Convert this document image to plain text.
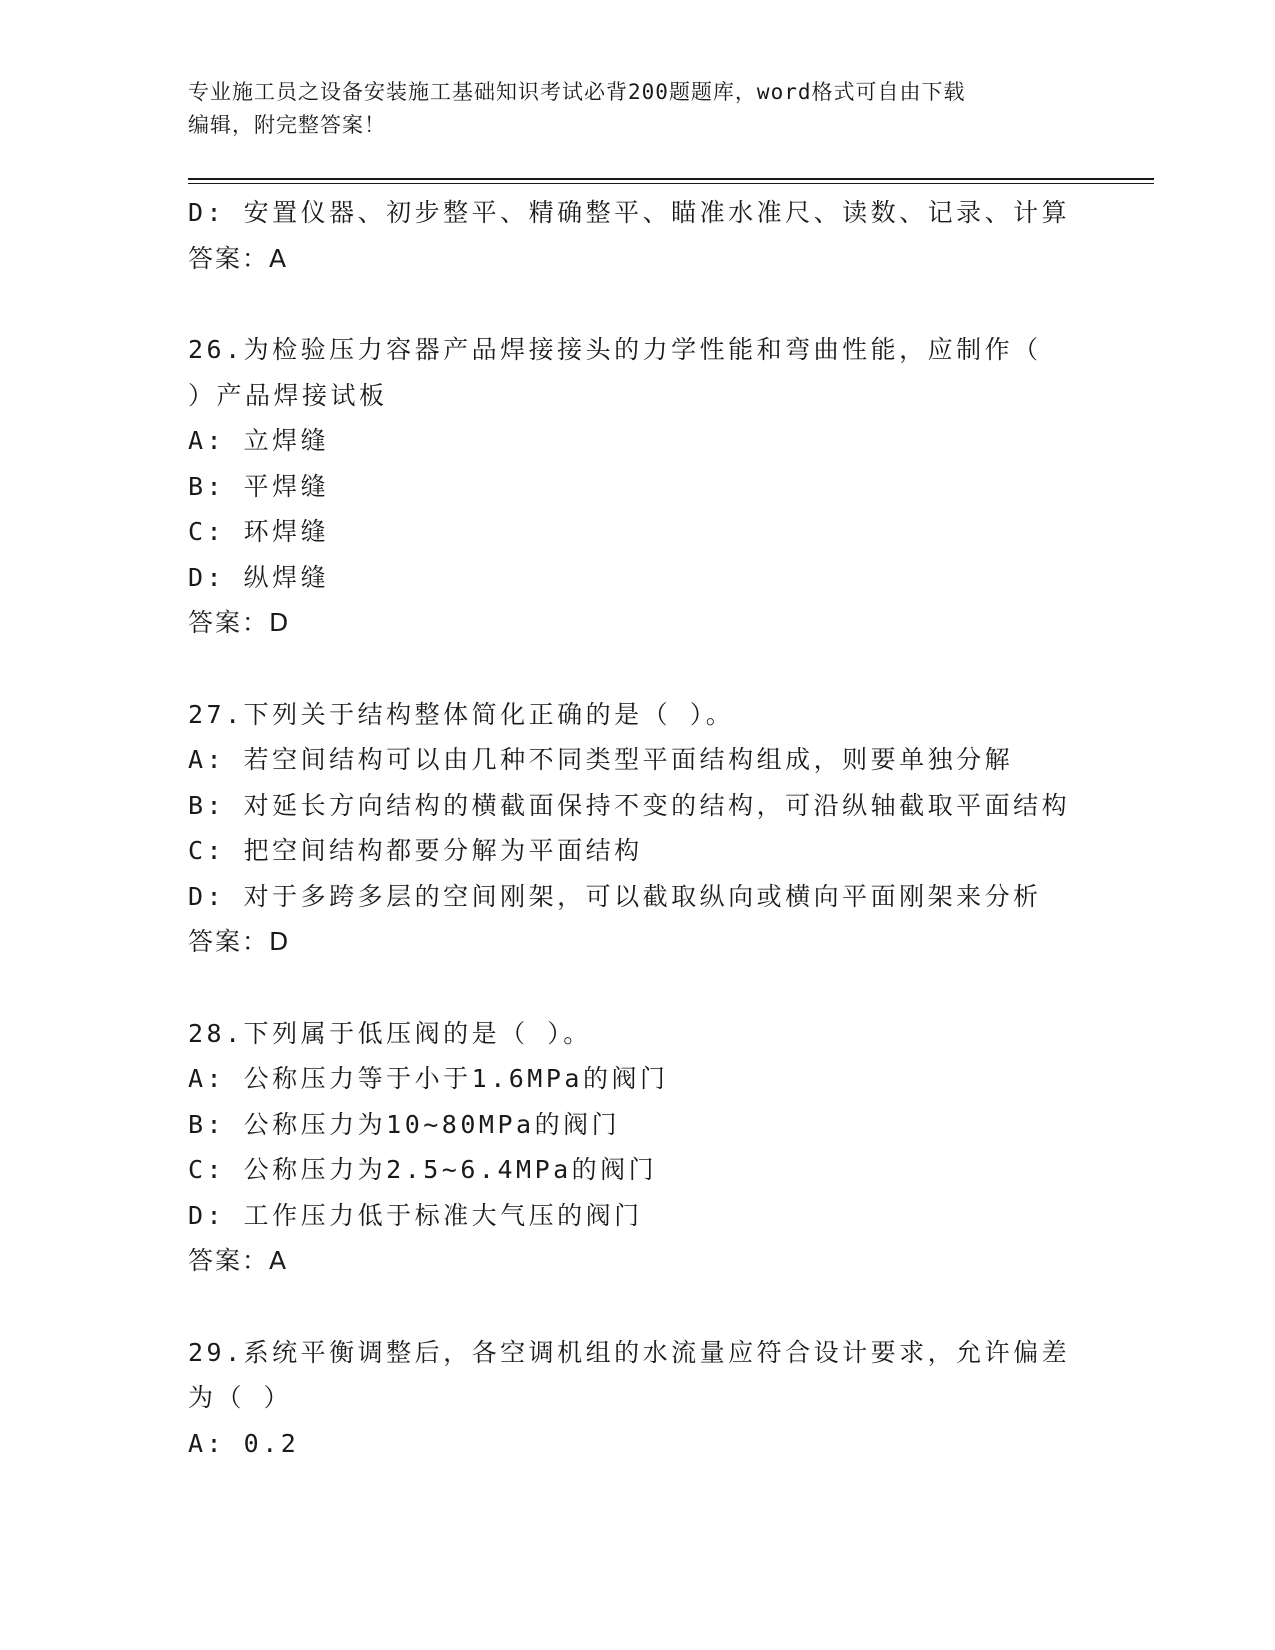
专业施工员之设备安装施工基础知识考试必背200题题库，word格式可自由下载
编辑，附完整答案！
D: 安置仪器、初步整平、精确整平、瞄准水准尺、读数、记录、计算
答案：A
26.为检验压力容器产品焊接接头的力学性能和弯曲性能，应制作（
）产品焊接试板
A: 立焊缝
B: 平焊缝
C: 环焊缝
D: 纵焊缝
答案：D
27.下列关于结构整体简化正确的是（ ）。
A: 若空间结构可以由几种不同类型平面结构组成，则要单独分解
B: 对延长方向结构的横截面保持不变的结构，可沿纵轴截取平面结构
C: 把空间结构都要分解为平面结构
D: 对于多跨多层的空间刚架，可以截取纵向或横向平面刚架来分析
答案：D
28.下列属于低压阀的是（ ）。
A: 公称压力等于小于1.6MPa的阀门
B: 公称压力为10~80MPa的阀门
C: 公称压力为2.5~6.4MPa的阀门
D: 工作压力低于标准大气压的阀门
答案：A
29.系统平衡调整后，各空调机组的水流量应符合设计要求，允许偏差
为（ ）
A: 0.2
